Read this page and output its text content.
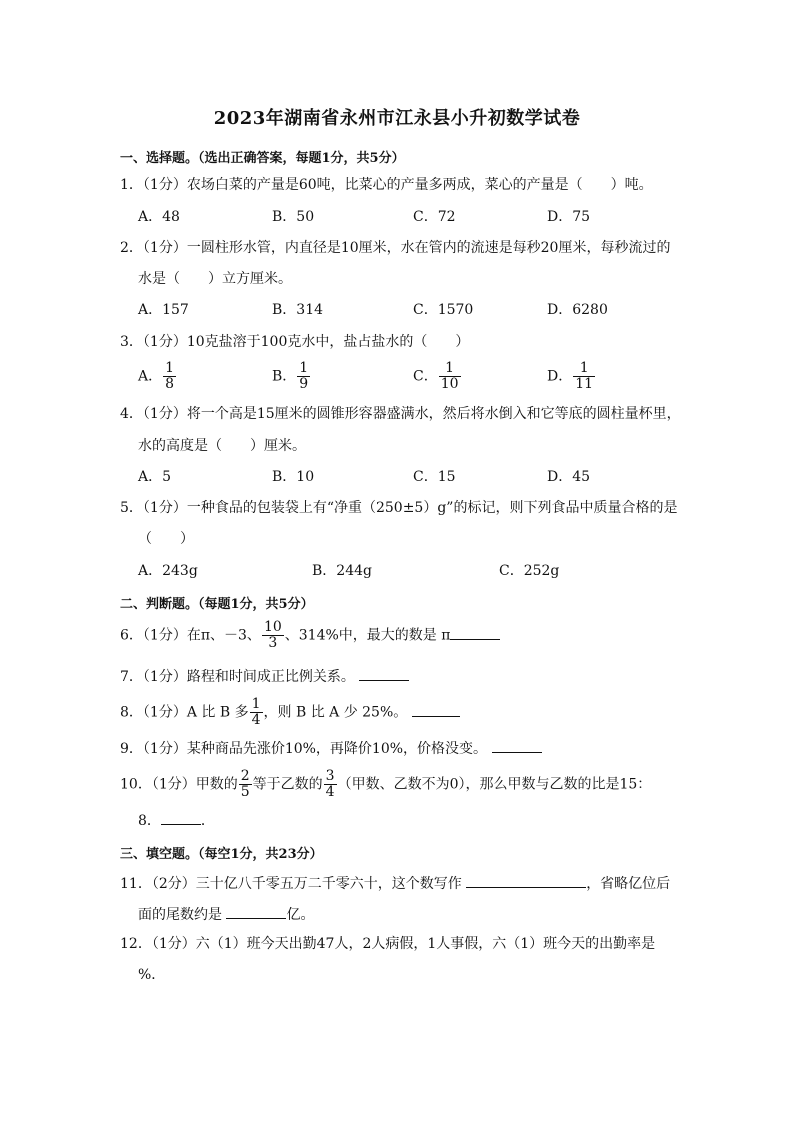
2023年湖南省永州市江永县小升初数学试卷
一、选择题。（选出正确答案，每题1分，共5分）
1．（1分）农场白菜的产量是60吨，比菜心的产量多两成，菜心的产量是（　　）吨。
A．48	B．50	C．72	D．75
2．（1分）一圆柱形水管，内直径是10厘米，水在管内的流速是每秒20厘米，每秒流过的
水是（　　）立方厘米。
A．157	B．314	C．1570	D．6280
3．（1分）10克盐溶于100克水中，盐占盐水的（　　）
A． $\frac{1}{8}$	B． $\frac{1}{9}$	C． $\frac{1}{10}$	D． $\frac{1}{11}$
4．（1分）将一个高是15厘米的圆锥形容器盛满水，然后将水倒入和它等底的圆柱量杯里，
水的高度是（　　）厘米。
A．5	B．10	C．15	D．45
5．（1分）一种食品的包装袋上有“净重（250±5）g”的标记，则下列食品中质量合格的是
（　　）
A．243g	B．244g	C．252g
二、判断题。（每题1分，共5分）
6．（1分）在π、－3、 $\frac{10}{3}$ 、314%中，最大的数是 π
7．（1分）路程和时间成正比例关系。
8．（1分）A 比 B 多 $\frac{1}{4}$ ，则 B 比 A 少 25%。
9．（1分）某种商品先涨价10%，再降价10%，价格没变。
10．（1分）甲数的 $\frac{2}{5}$ 等于乙数的 $\frac{3}{4}$ （甲数、乙数不为0），那么甲数与乙数的比是15：
8．	．
三、填空题。（每空1分，共23分）
11．（2分）三十亿八千零五万二千零六十，这个数写作	，省略亿位后
面的尾数约是	亿。
12．（1分）六（1）班今天出勤47人，2人病假，1人事假，六（1）班今天的出勤率是
%．
